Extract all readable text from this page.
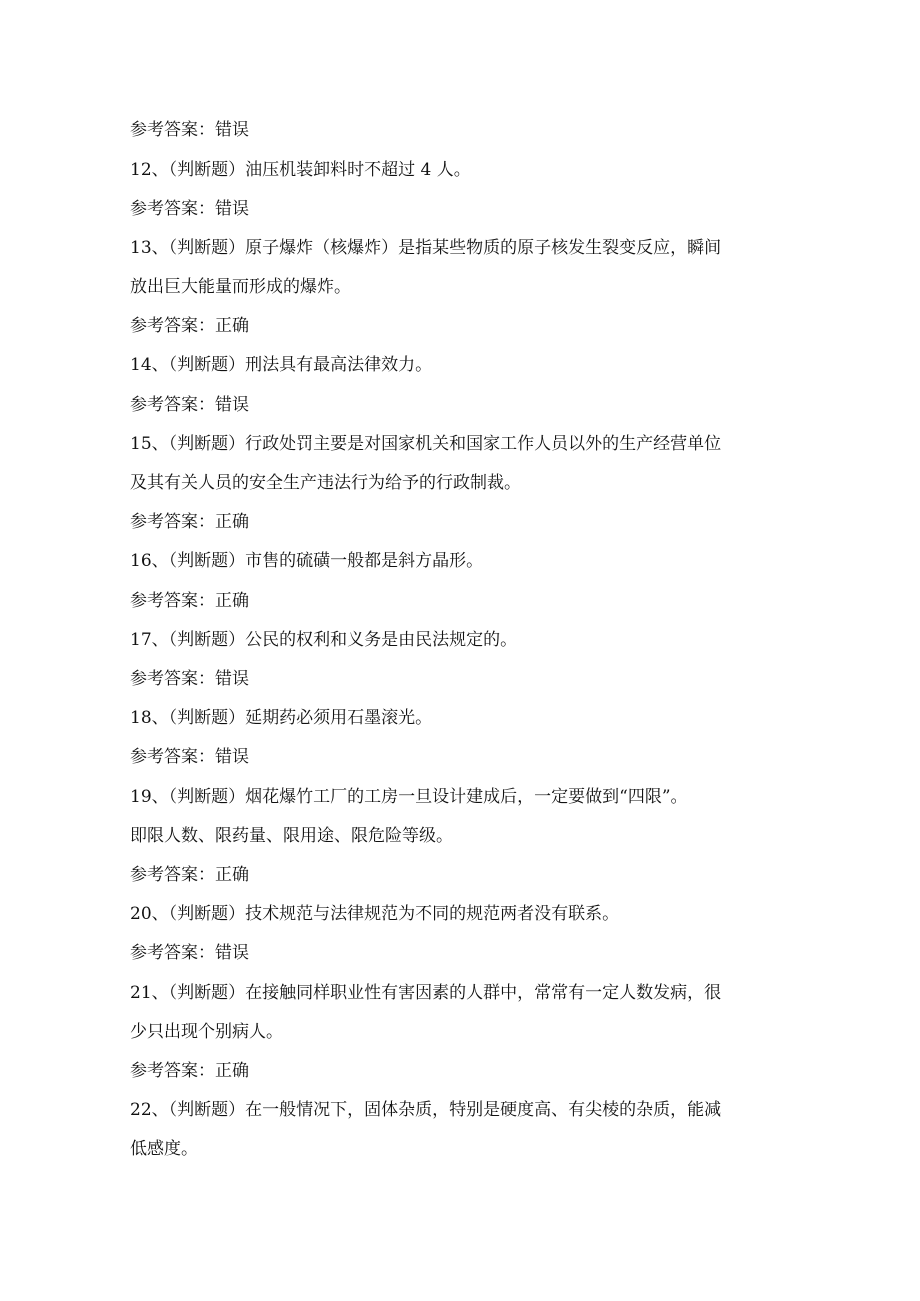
参考答案：错误
12、（判断题）油压机装卸料时不超过 4 人。
参考答案：错误
13、（判断题）原子爆炸（核爆炸）是指某些物质的原子核发生裂变反应，瞬间
放出巨大能量而形成的爆炸。
参考答案：正确
14、（判断题）刑法具有最高法律效力。
参考答案：错误
15、（判断题）行政处罚主要是对国家机关和国家工作人员以外的生产经营单位
及其有关人员的安全生产违法行为给予的行政制裁。
参考答案：正确
16、（判断题）市售的硫磺一般都是斜方晶形。
参考答案：正确
17、（判断题）公民的权利和义务是由民法规定的。
参考答案：错误
18、（判断题）延期药必须用石墨滚光。
参考答案：错误
19、（判断题）烟花爆竹工厂的工房一旦设计建成后，一定要做到“四限”。
即限人数、限药量、限用途、限危险等级。
参考答案：正确
20、（判断题）技术规范与法律规范为不同的规范两者没有联系。
参考答案：错误
21、（判断题）在接触同样职业性有害因素的人群中，常常有一定人数发病，很
少只出现个别病人。
参考答案：正确
22、（判断题）在一般情况下，固体杂质，特别是硬度高、有尖棱的杂质，能减
低感度。
